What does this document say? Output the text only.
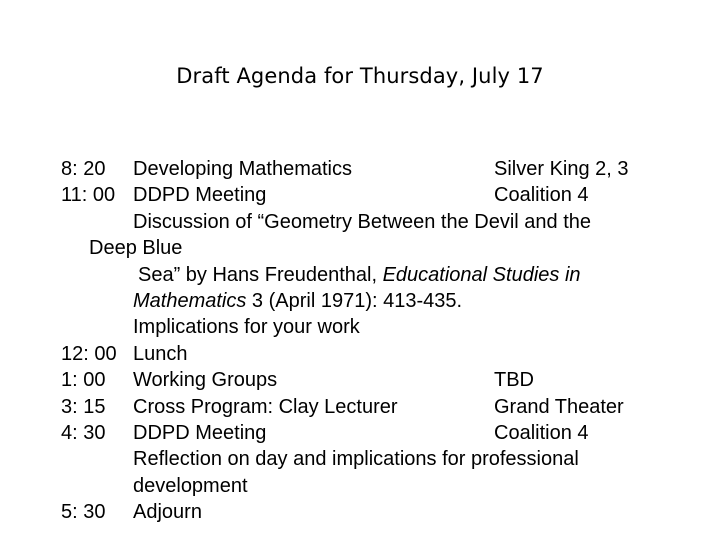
Draft Agenda for Thursday, July 17
8: 20 Developing Mathematics	Silver King 2, 3
11: 00 DDPD Meeting	Coalition 4
Discussion of “Geometry Between the Devil and the
Deep Blue
Sea” by Hans Freudenthal, Educational Studies in
Mathematics 3 (April 1971): 413-435.
Implications for your work
12: 00 Lunch
1: 00 Working Groups	TBD
3: 15 Cross Program: Clay Lecturer	Grand Theater
4: 30 DDPD Meeting	Coalition 4
Reflection on day and implications for professional
development
5: 30 Adjourn
